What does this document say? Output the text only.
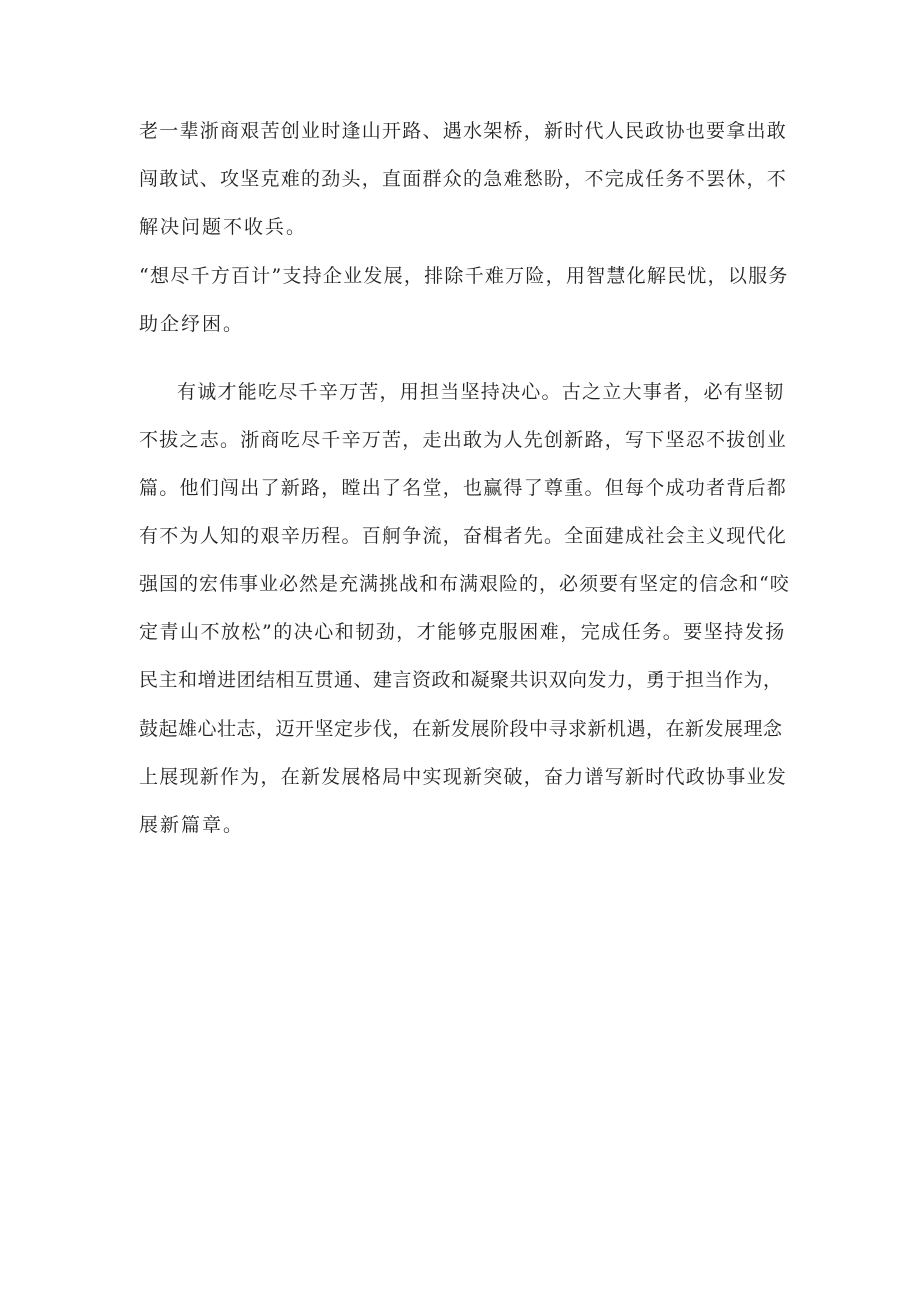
老一辈浙商艰苦创业时逢山开路、遇水架桥，新时代人民政协也要拿出敢

闯敢试、攻坚克难的劲头，直面群众的急难愁盼，不完成任务不罢休，不

解决问题不收兵。

“想尽千方百计”支持企业发展，排除千难万险，用智慧化解民忧，以服务

助企纾困。

有诚才能吃尽千辛万苦，用担当坚持决心。古之立大事者，必有坚韧

不拔之志。浙商吃尽千辛万苦，走出敢为人先创新路，写下坚忍不拔创业

篇。他们闯出了新路，瞠出了名堂，也赢得了尊重。但每个成功者背后都

有不为人知的艰辛历程。百舸争流，奋楫者先。全面建成社会主义现代化

强国的宏伟事业必然是充满挑战和布满艰险的，必须要有坚定的信念和“咬

定青山不放松”的决心和韧劲，才能够克服困难，完成任务。要坚持发扬

民主和增进团结相互贯通、建言资政和凝聚共识双向发力，勇于担当作为，

鼓起雄心壮志，迈开坚定步伐，在新发展阶段中寻求新机遇，在新发展理念

上展现新作为，在新发展格局中实现新突破，奋力谱写新时代政协事业发

展新篇章。
